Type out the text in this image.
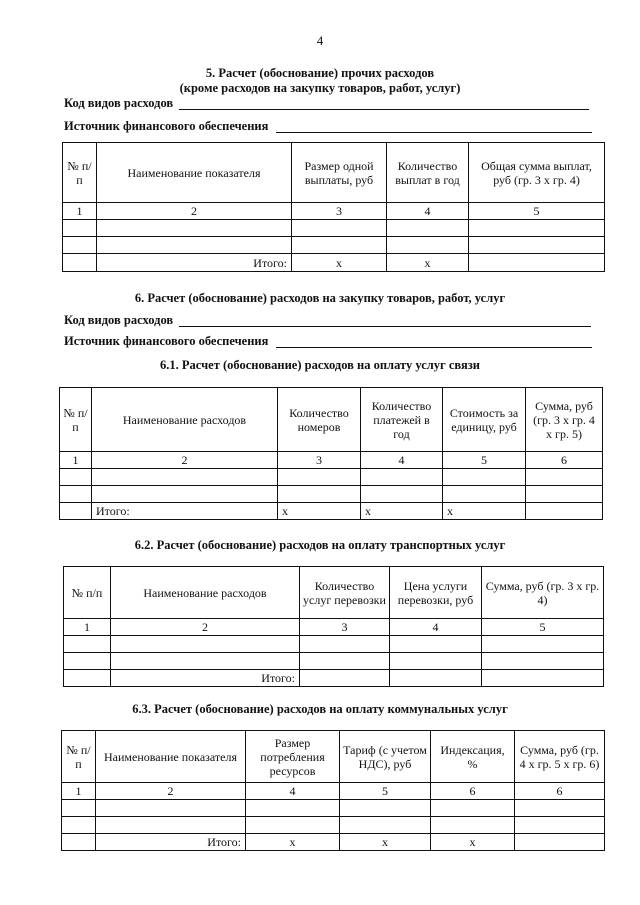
4
5. Расчет (обоснование) прочих расходов
(кроме расходов на закупку товаров, работ, услуг)
Код видов расходов
Источник финансового обеспечения
№ п/п	Наименование показателя	Размер одной выплаты, руб	Количество выплат в год	Общая сумма выплат, руб (гр. 3 х гр. 4)
1	2	3	4	5

	Итого:	x	x	
6. Расчет (обоснование) расходов на закупку товаров, работ, услуг
Код видов расходов
Источник финансового обеспечения
6.1. Расчет (обоснование) расходов на оплату услуг связи
№ п/п	Наименование расходов	Количество номеров	Количество платежей в год	Стоимость за единицу, руб	Сумма, руб (гр. 3 х гр. 4 х гр. 5)
1	2	3	4	5	6

	Итого:	x	x	x	
6.2. Расчет (обоснование) расходов на оплату транспортных услуг
№ п/п	Наименование расходов	Количество услуг перевозки	Цена услуги перевозки, руб	Сумма, руб (гр. 3 х гр. 4)
1	2	3	4	5

	Итого:			
6.3. Расчет (обоснование) расходов на оплату коммунальных услуг
№ п/п	Наименование показателя	Размер потребления ресурсов	Тариф (с учетом НДС), руб	Индексация, %	Сумма, руб (гр. 4 х гр. 5 х гр. 6)
1	2	4	5	6	6

	Итого:	x	x	x	
